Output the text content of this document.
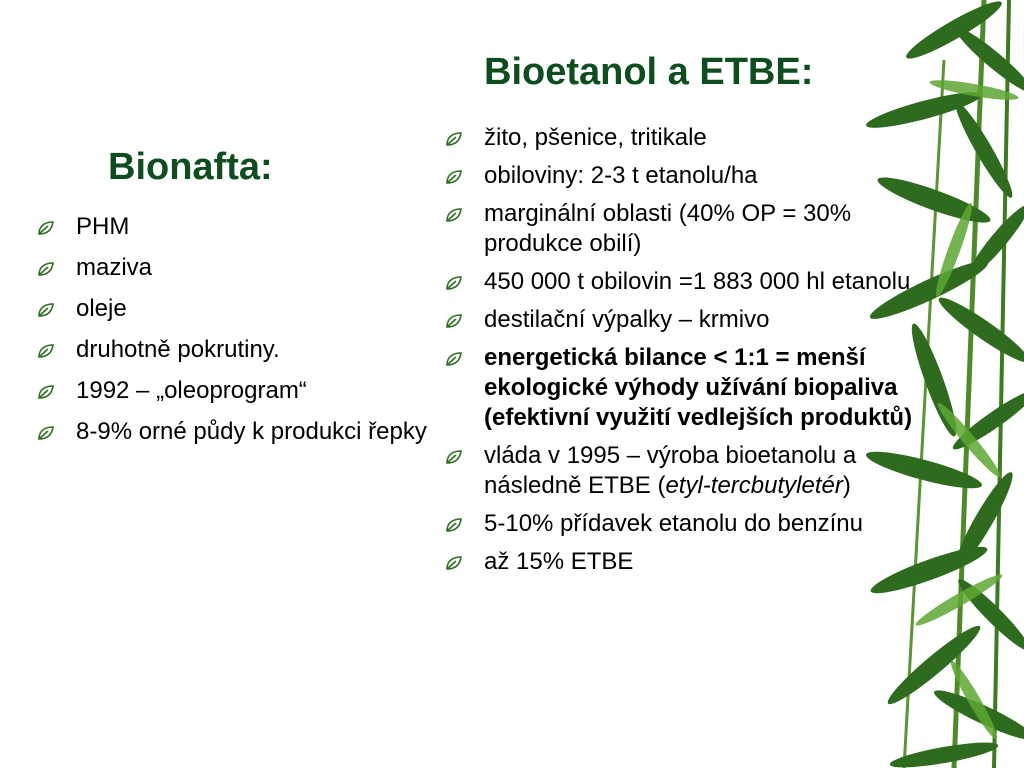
Bionafta:
PHM
maziva
oleje
druhotně pokrutiny.
1992 – „oleoprogram“
8-9% orné půdy k produkci řepky
Bioetanol a ETBE:
žito, pšenice, tritikale
obiloviny: 2-3 t etanolu/ha
marginální oblasti (40% OP = 30% produkce obilí)
450 000 t obilovin =1 883 000 hl etanolu
destilační výpalky – krmivo
energetická bilance < 1:1 = menší ekologické výhody užívání biopaliva (efektivní využití vedlejších produktů)
vláda v 1995 – výroba bioetanolu a následně ETBE (etyl-tercbutyletér)
5-10% přídavek etanolu do benzínu
až 15% ETBE
